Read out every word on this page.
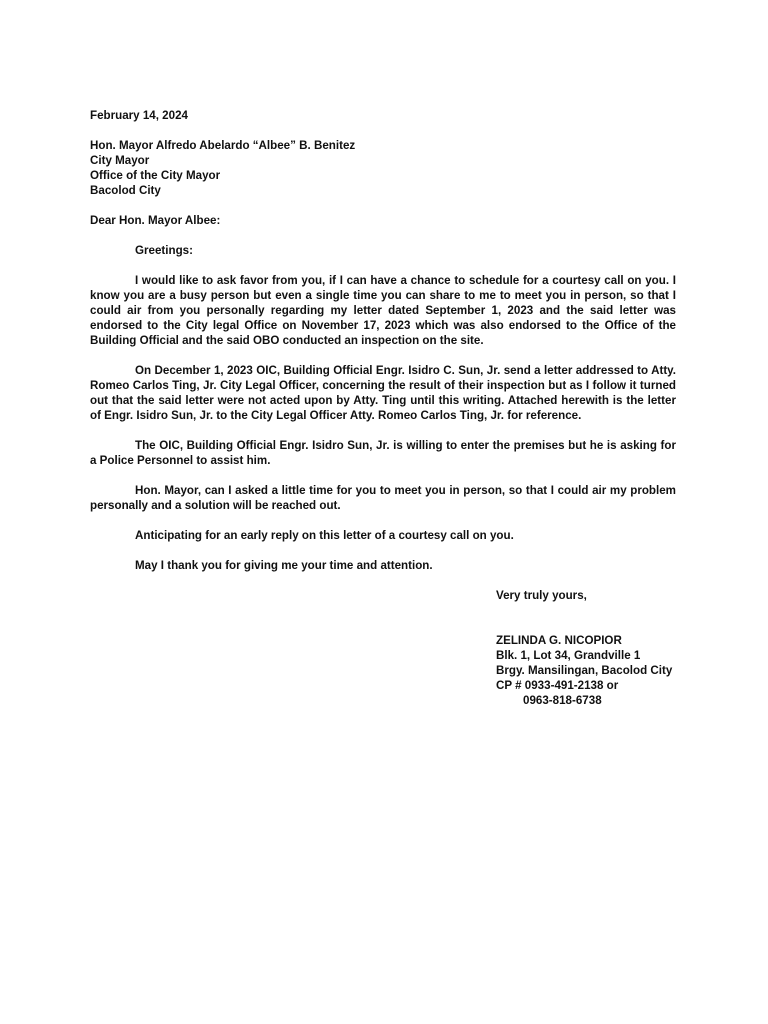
February 14, 2024
Hon. Mayor Alfredo Abelardo “Albee” B. Benitez
City Mayor
Office of the City Mayor
Bacolod City
Dear Hon. Mayor Albee:
Greetings:

I would like to ask favor from you, if I can have a chance to schedule for a courtesy call on you. I know you are a busy person but even a single time you can share to me to meet you in person, so that I could air from you personally regarding my letter dated September 1, 2023 and the said letter was endorsed to the City legal Office on November 17, 2023 which was also endorsed to the Office of the Building Official and the said OBO conducted an inspection on the site.

On December 1, 2023 OIC, Building Official Engr. Isidro C. Sun, Jr. send a letter addressed to Atty. Romeo Carlos Ting, Jr. City Legal Officer, concerning the result of their inspection but as I follow it turned out that the said letter were not acted upon by Atty. Ting until this writing. Attached herewith is the letter of Engr. Isidro Sun, Jr. to the City Legal Officer Atty. Romeo Carlos Ting, Jr. for reference.

The OIC, Building Official Engr. Isidro Sun, Jr. is willing to enter the premises but he is asking for a Police Personnel to assist him.

Hon. Mayor, can I asked a little time for you to meet you in person, so that I could air my problem personally and a solution will be reached out.

Anticipating for an early reply on this letter of a courtesy call on you.

May I thank you for giving me your time and attention.

Very truly yours,
ZELINDA G. NICOPIOR
Blk. 1, Lot 34, Grandville 1
Brgy. Mansilingan, Bacolod City
CP # 0933-491-2138 or
0963-818-6738
